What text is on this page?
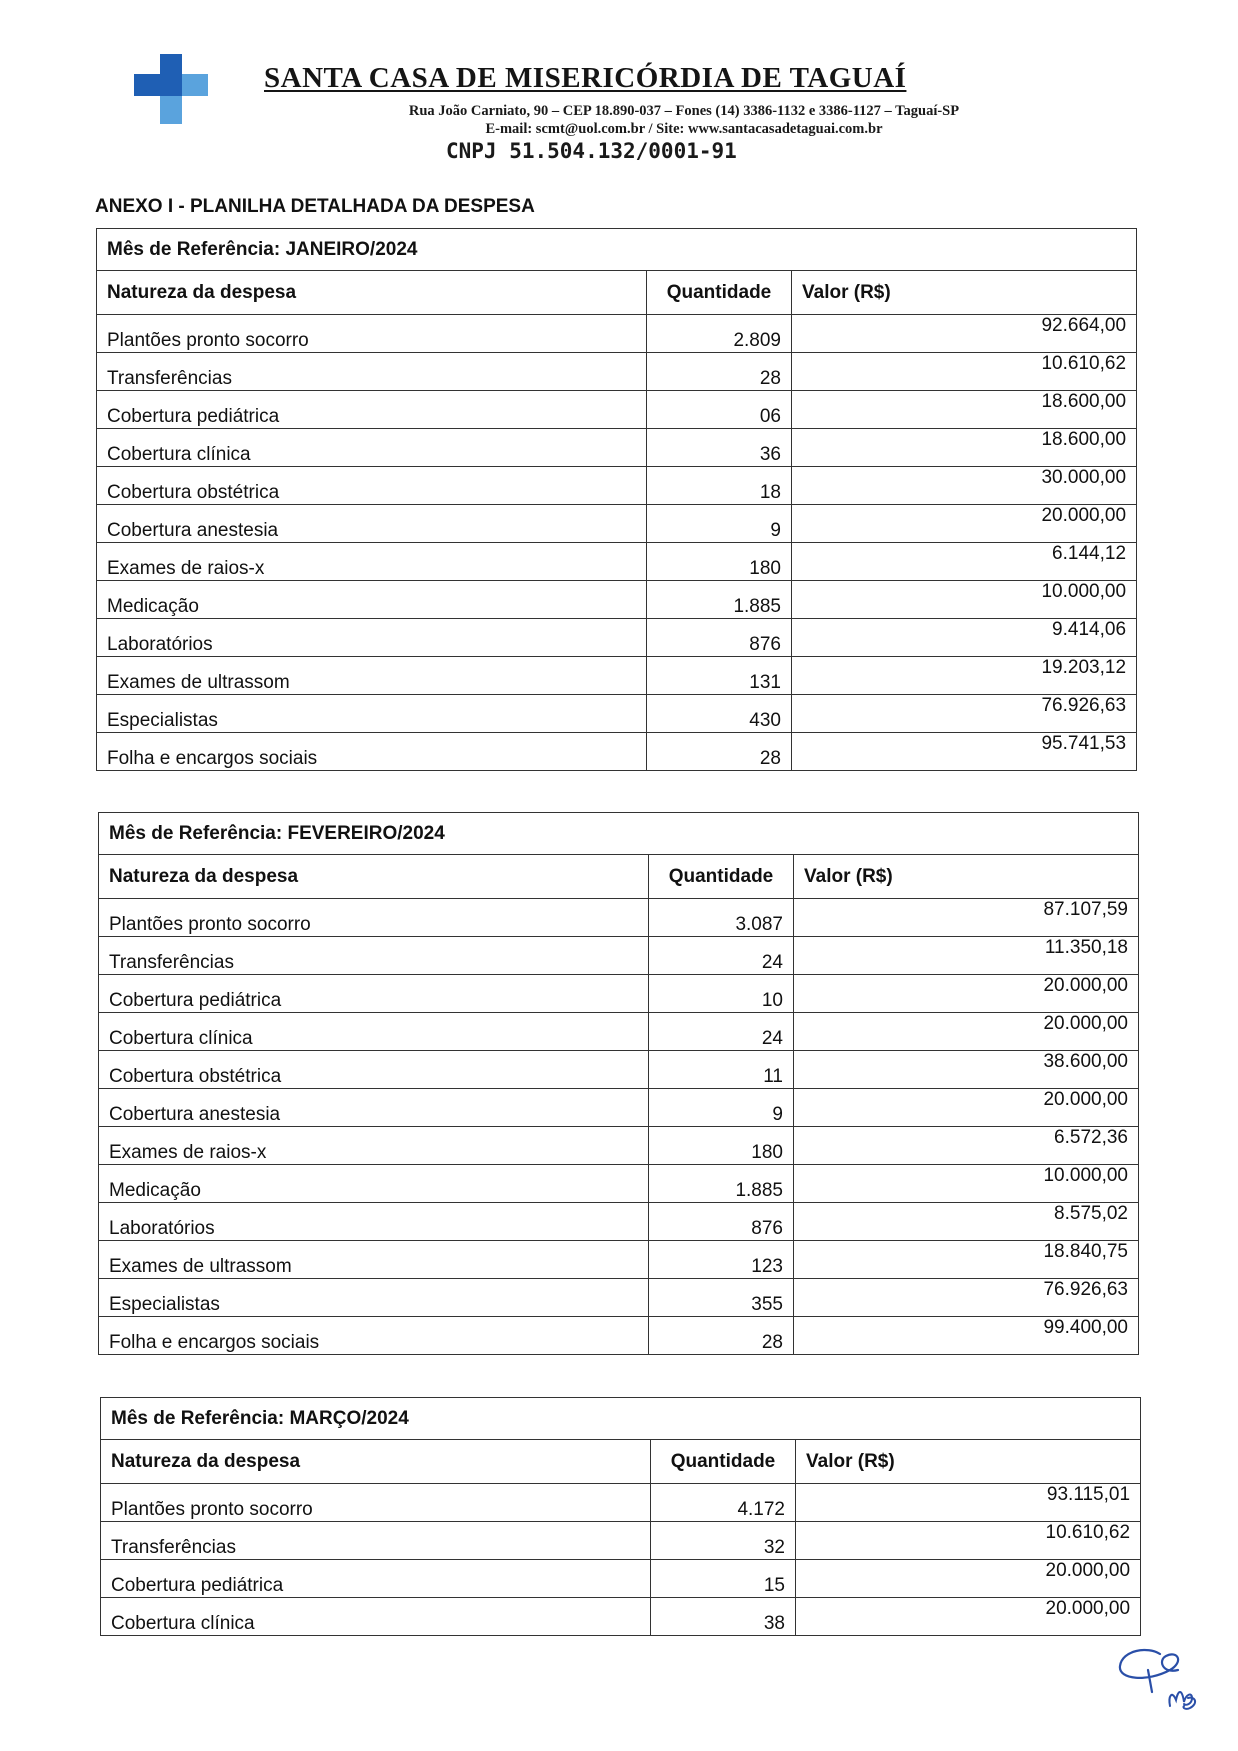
SANTA CASA DE MISERICÓRDIA DE TAGUAÍ
Rua João Carniato, 90 – CEP 18.890-037 – Fones (14) 3386-1132 e 3386-1127 – Taguaí-SP
E-mail: scmt@uol.com.br / Site: www.santacasadetaguai.com.br
CNPJ 51.504.132/0001-91
ANEXO I - PLANILHA DETALHADA DA DESPESA
Mês de Referência: JANEIRO/2024		
Natureza da despesa	Quantidade	Valor (R$)
Plantões pronto socorro	2.809	92.664,00
Transferências	28	10.610,62
Cobertura pediátrica	06	18.600,00
Cobertura clínica	36	18.600,00
Cobertura obstétrica	18	30.000,00
Cobertura anestesia	9	20.000,00
Exames de raios-x	180	6.144,12
Medicação	1.885	10.000,00
Laboratórios	876	9.414,06
Exames de ultrassom	131	19.203,12
Especialistas	430	76.926,63
Folha e encargos sociais	28	95.741,53
Mês de Referência: FEVEREIRO/2024		
Natureza da despesa	Quantidade	Valor (R$)
Plantões pronto socorro	3.087	87.107,59
Transferências	24	11.350,18
Cobertura pediátrica	10	20.000,00
Cobertura clínica	24	20.000,00
Cobertura obstétrica	11	38.600,00
Cobertura anestesia	9	20.000,00
Exames de raios-x	180	6.572,36
Medicação	1.885	10.000,00
Laboratórios	876	8.575,02
Exames de ultrassom	123	18.840,75
Especialistas	355	76.926,63
Folha e encargos sociais	28	99.400,00
Mês de Referência: MARÇO/2024		
Natureza da despesa	Quantidade	Valor (R$)
Plantões pronto socorro	4.172	93.115,01
Transferências	32	10.610,62
Cobertura pediátrica	15	20.000,00
Cobertura clínica	38	20.000,00
